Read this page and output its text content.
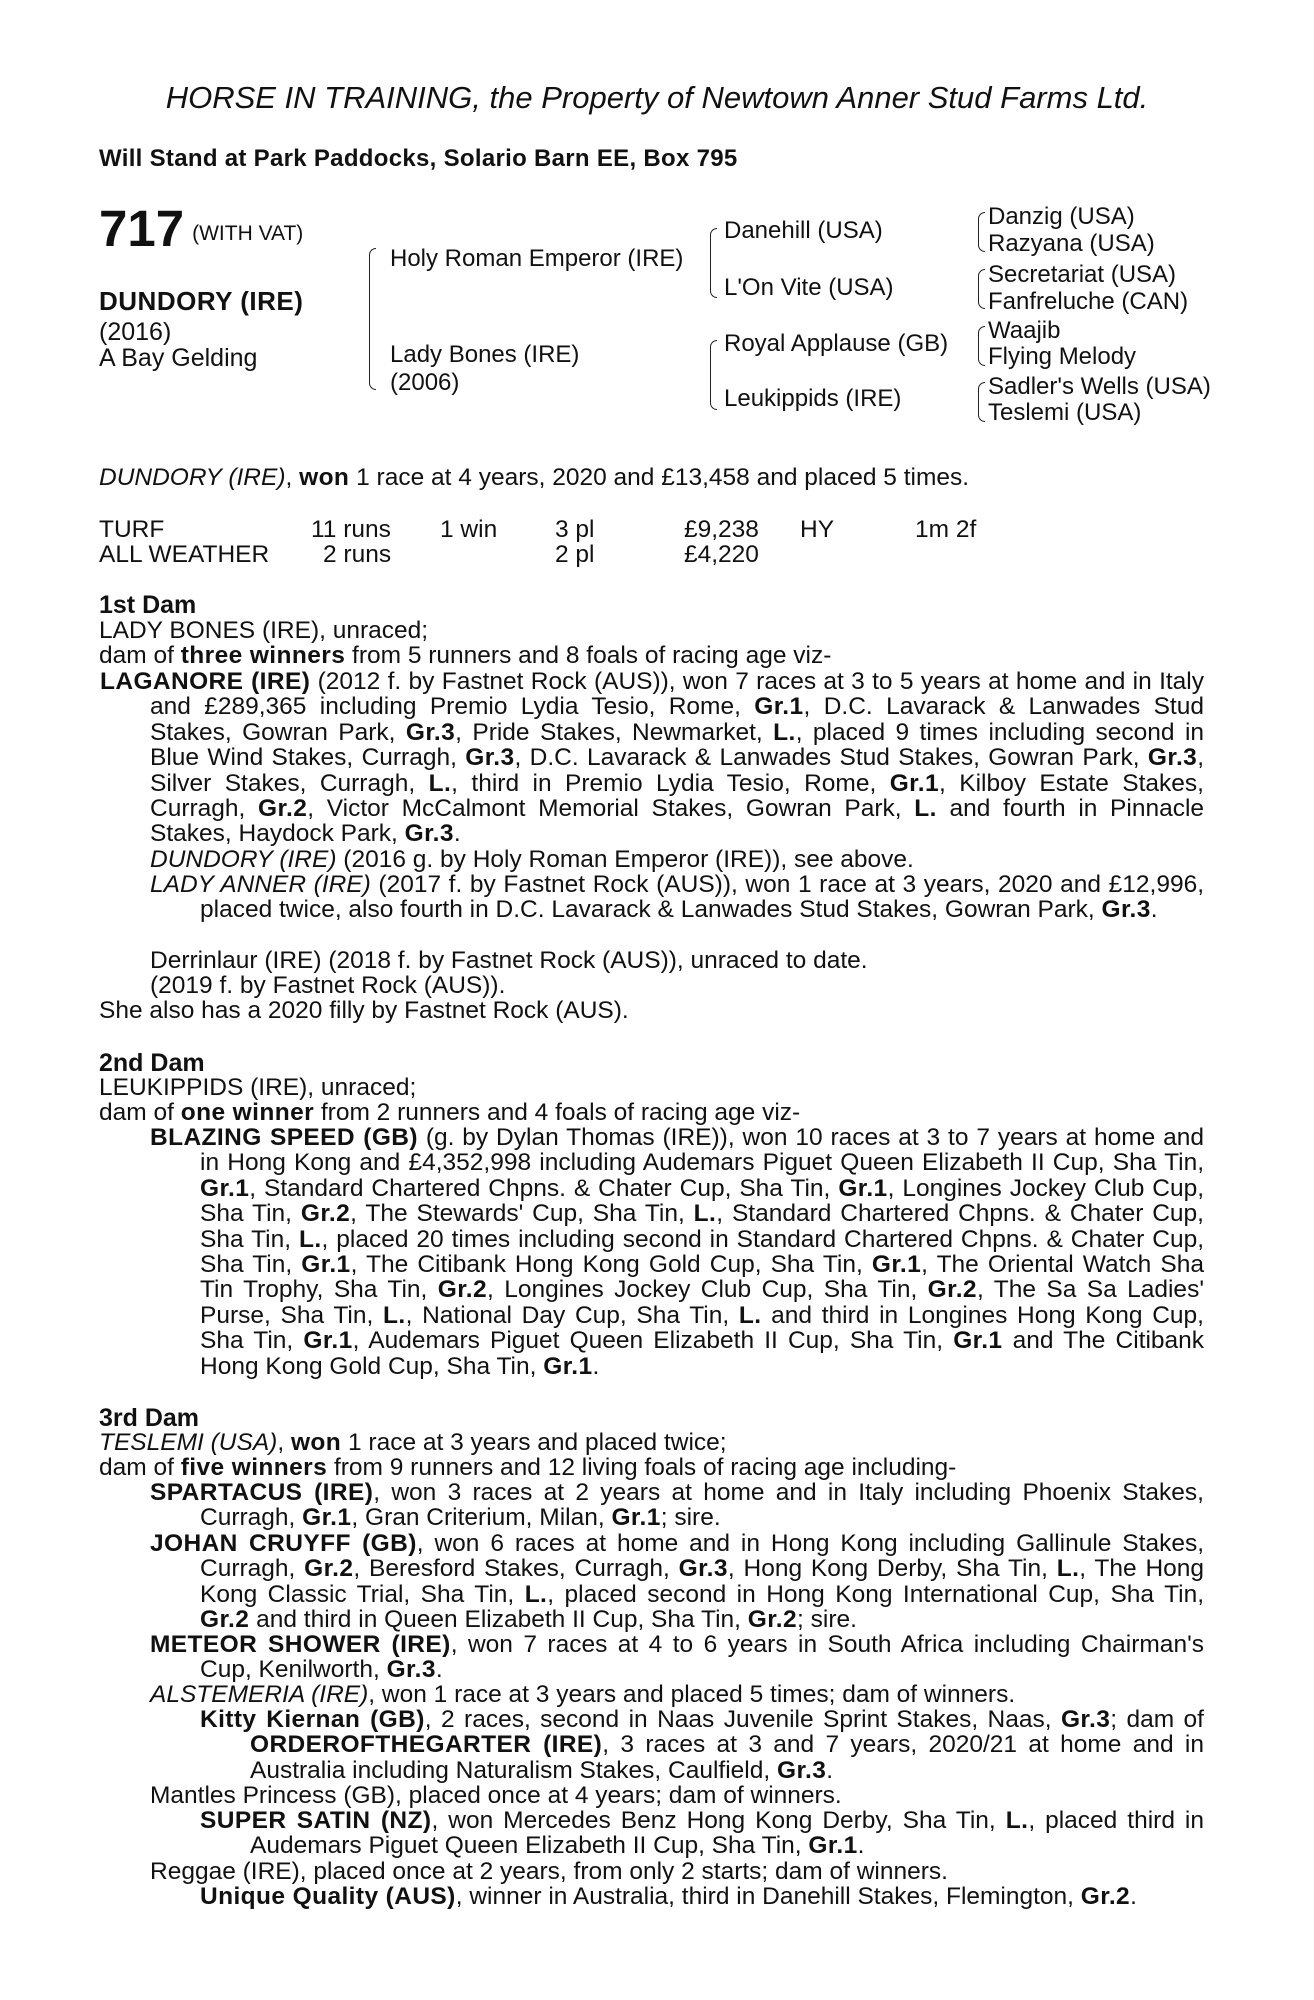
HORSE IN TRAINING, the Property of Newtown Anner Stud Farms Ltd.
Will Stand at Park Paddocks, Solario Barn EE, Box 795
717 (WITH VAT)
DUNDORY (IRE)
(2016)
A Bay Gelding
Holy Roman Emperor (IRE)
Lady Bones (IRE)
(2006)
Danehill (USA)
L'On Vite (USA)
Royal Applause (GB)
Leukippids (IRE)
Danzig (USA)
Razyana (USA)
Secretariat (USA)
Fanfreluche (CAN)
Waajib
Flying Melody
Sadler's Wells (USA)
Teslemi (USA)
DUNDORY (IRE), won 1 race at 4 years, 2020 and £13,458 and placed 5 times.
TURF	11 runs 1 win 3 pl	£9,238 HY	1m 2f
ALL WEATHER 2 runs	2 pl	£4,220
1st Dam
LADY BONES (IRE), unraced;
dam of three winners from 5 runners and 8 foals of racing age viz-
LAGANORE (IRE) (2012 f. by Fastnet Rock (AUS)), won 7 races at 3 to 5 years at home and in Italy and £289,365 including Premio Lydia Tesio, Rome, Gr.1, D.C. Lavarack & Lanwades Stud Stakes, Gowran Park, Gr.3, Pride Stakes, Newmarket, L., placed 9 times including second in Blue Wind Stakes, Curragh, Gr.3, D.C. Lavarack & Lanwades Stud Stakes, Gowran Park, Gr.3, Silver Stakes, Curragh, L., third in Premio Lydia Tesio, Rome, Gr.1, Kilboy Estate Stakes, Curragh, Gr.2, Victor McCalmont Memorial Stakes, Gowran Park, L. and fourth in Pinnacle Stakes, Haydock Park, Gr.3.
DUNDORY (IRE) (2016 g. by Holy Roman Emperor (IRE)), see above.
LADY ANNER (IRE) (2017 f. by Fastnet Rock (AUS)), won 1 race at 3 years, 2020 and £12,996, placed twice, also fourth in D.C. Lavarack & Lanwades Stud Stakes, Gowran Park, Gr.3.
Derrinlaur (IRE) (2018 f. by Fastnet Rock (AUS)), unraced to date.
(2019 f. by Fastnet Rock (AUS)).
She also has a 2020 filly by Fastnet Rock (AUS).
2nd Dam
LEUKIPPIDS (IRE), unraced;
dam of one winner from 2 runners and 4 foals of racing age viz-
BLAZING SPEED (GB) (g. by Dylan Thomas (IRE)), won 10 races at 3 to 7 years at home and in Hong Kong and £4,352,998 including Audemars Piguet Queen Elizabeth II Cup, Sha Tin, Gr.1, Standard Chartered Chpns. & Chater Cup, Sha Tin, Gr.1, Longines Jockey Club Cup, Sha Tin, Gr.2, The Stewards' Cup, Sha Tin, L., Standard Chartered Chpns. & Chater Cup, Sha Tin, L., placed 20 times including second in Standard Chartered Chpns. & Chater Cup, Sha Tin, Gr.1, The Citibank Hong Kong Gold Cup, Sha Tin, Gr.1, The Oriental Watch Sha Tin Trophy, Sha Tin, Gr.2, Longines Jockey Club Cup, Sha Tin, Gr.2, The Sa Sa Ladies' Purse, Sha Tin, L., National Day Cup, Sha Tin, L. and third in Longines Hong Kong Cup, Sha Tin, Gr.1, Audemars Piguet Queen Elizabeth II Cup, Sha Tin, Gr.1 and The Citibank Hong Kong Gold Cup, Sha Tin, Gr.1.
3rd Dam
TESLEMI (USA), won 1 race at 3 years and placed twice;
dam of five winners from 9 runners and 12 living foals of racing age including-
SPARTACUS (IRE), won 3 races at 2 years at home and in Italy including Phoenix Stakes, Curragh, Gr.1, Gran Criterium, Milan, Gr.1; sire.
JOHAN CRUYFF (GB), won 6 races at home and in Hong Kong including Gallinule Stakes, Curragh, Gr.2, Beresford Stakes, Curragh, Gr.3, Hong Kong Derby, Sha Tin, L., The Hong Kong Classic Trial, Sha Tin, L., placed second in Hong Kong International Cup, Sha Tin, Gr.2 and third in Queen Elizabeth II Cup, Sha Tin, Gr.2; sire.
METEOR SHOWER (IRE), won 7 races at 4 to 6 years in South Africa including Chairman's Cup, Kenilworth, Gr.3.
ALSTEMERIA (IRE), won 1 race at 3 years and placed 5 times; dam of winners.
Kitty Kiernan (GB), 2 races, second in Naas Juvenile Sprint Stakes, Naas, Gr.3; dam of ORDEROFTHEGARTER (IRE), 3 races at 3 and 7 years, 2020/21 at home and in Australia including Naturalism Stakes, Caulfield, Gr.3.
Mantles Princess (GB), placed once at 4 years; dam of winners.
SUPER SATIN (NZ), won Mercedes Benz Hong Kong Derby, Sha Tin, L., placed third in Audemars Piguet Queen Elizabeth II Cup, Sha Tin, Gr.1.
Reggae (IRE), placed once at 2 years, from only 2 starts; dam of winners.
Unique Quality (AUS), winner in Australia, third in Danehill Stakes, Flemington, Gr.2.
